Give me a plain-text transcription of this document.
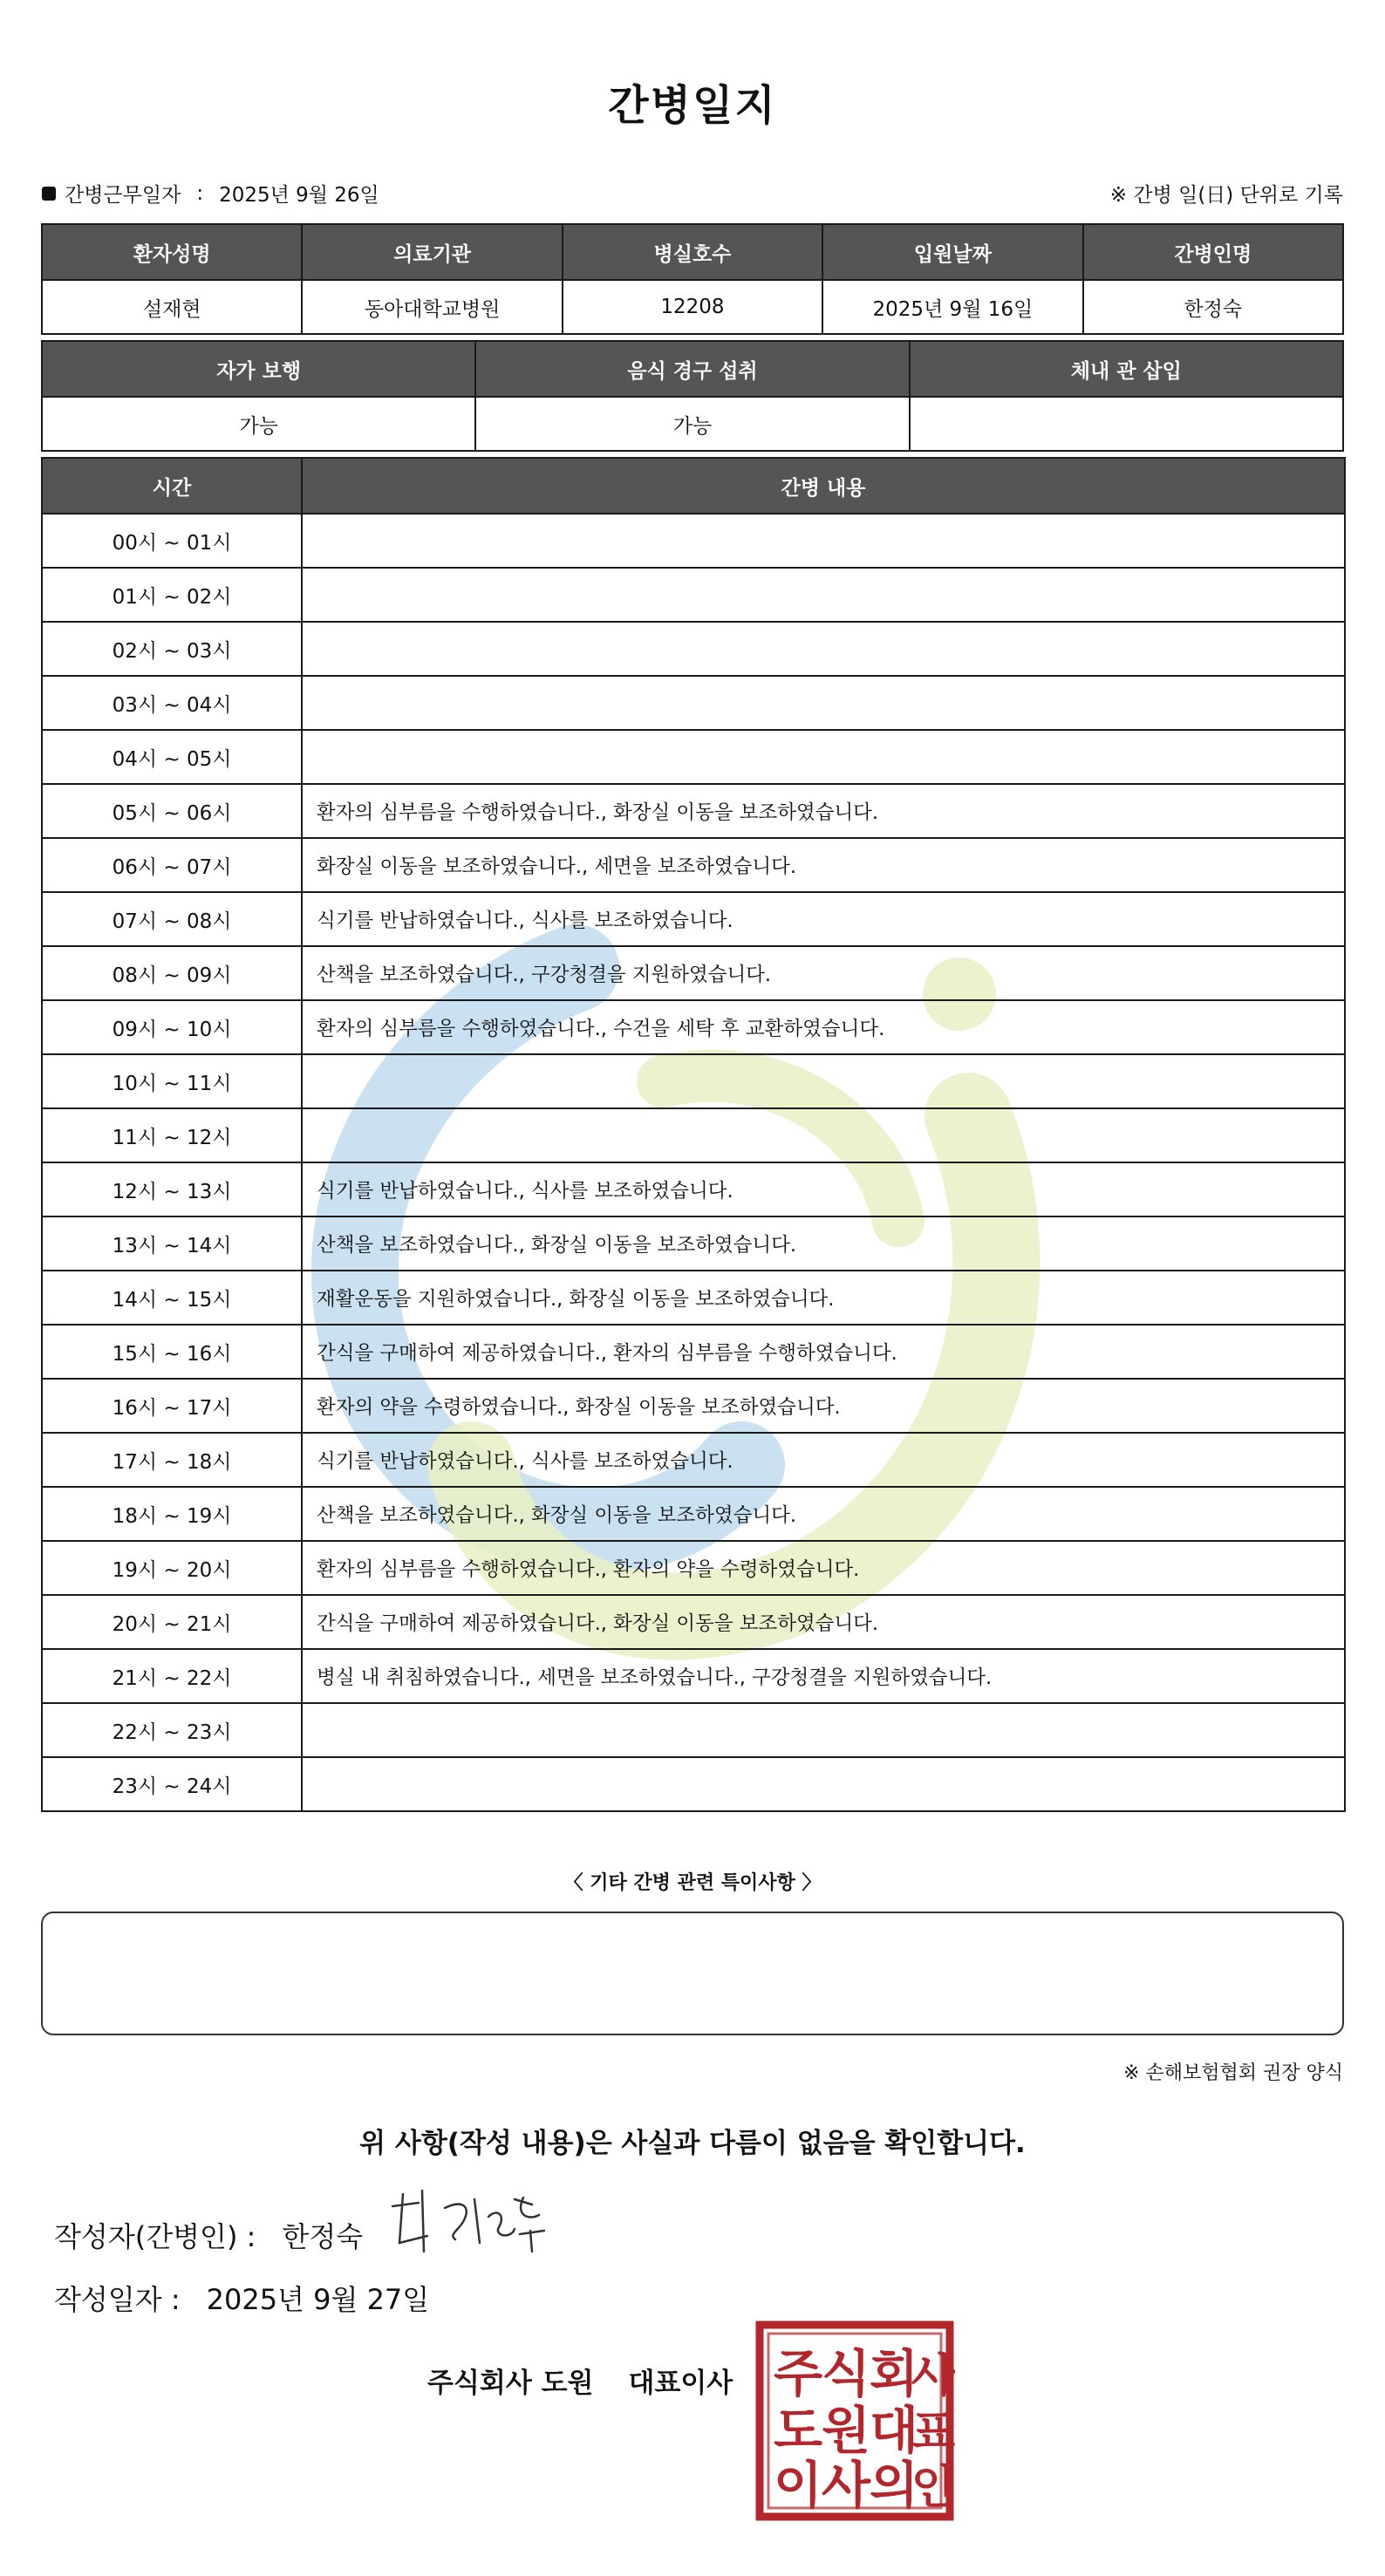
간병일지
간병근무일자 : 2025년 9월 26일	※ 간병 일(日) 단위로 기록
환자성명	의료기관	병실호수	입원날짜	간병인명
설재현	동아대학교병원	12208	2025년 9월 16일	한정숙
자가 보행	음식 경구 섭취	체내 관 삽입
가능	가능	
시간	간병 내용
00시 ~ 01시	
01시 ~ 02시	
02시 ~ 03시	
03시 ~ 04시	
04시 ~ 05시	
05시 ~ 06시	환자의 심부름을 수행하였습니다., 화장실 이동을 보조하였습니다.
06시 ~ 07시	화장실 이동을 보조하였습니다., 세면을 보조하였습니다.
07시 ~ 08시	식기를 반납하였습니다., 식사를 보조하였습니다.
08시 ~ 09시	산책을 보조하였습니다., 구강청결을 지원하였습니다.
09시 ~ 10시	환자의 심부름을 수행하였습니다., 수건을 세탁 후 교환하였습니다.
10시 ~ 11시	
11시 ~ 12시	
12시 ~ 13시	식기를 반납하였습니다., 식사를 보조하였습니다.
13시 ~ 14시	산책을 보조하였습니다., 화장실 이동을 보조하였습니다.
14시 ~ 15시	재활운동을 지원하였습니다., 화장실 이동을 보조하였습니다.
15시 ~ 16시	간식을 구매하여 제공하였습니다., 환자의 심부름을 수행하였습니다.
16시 ~ 17시	환자의 약을 수령하였습니다., 화장실 이동을 보조하였습니다.
17시 ~ 18시	식기를 반납하였습니다., 식사를 보조하였습니다.
18시 ~ 19시	산책을 보조하였습니다., 화장실 이동을 보조하였습니다.
19시 ~ 20시	환자의 심부름을 수행하였습니다., 환자의 약을 수령하였습니다.
20시 ~ 21시	간식을 구매하여 제공하였습니다., 화장실 이동을 보조하였습니다.
21시 ~ 22시	병실 내 취침하였습니다., 세면을 보조하였습니다., 구강청결을 지원하였습니다.
22시 ~ 23시	
23시 ~ 24시	
〈 기타 간병 관련 특이사항 〉
※ 손해보험협회 권장 양식
위 사항(작성 내용)은 사실과 다름이 없음을 확인합니다.
작성자(간병인) : 한정숙
작성일자 : 2025년 9월 27일
주식회사 도원 대표이사 주
식
회
사
도
원
대
표
이
사
의
인
